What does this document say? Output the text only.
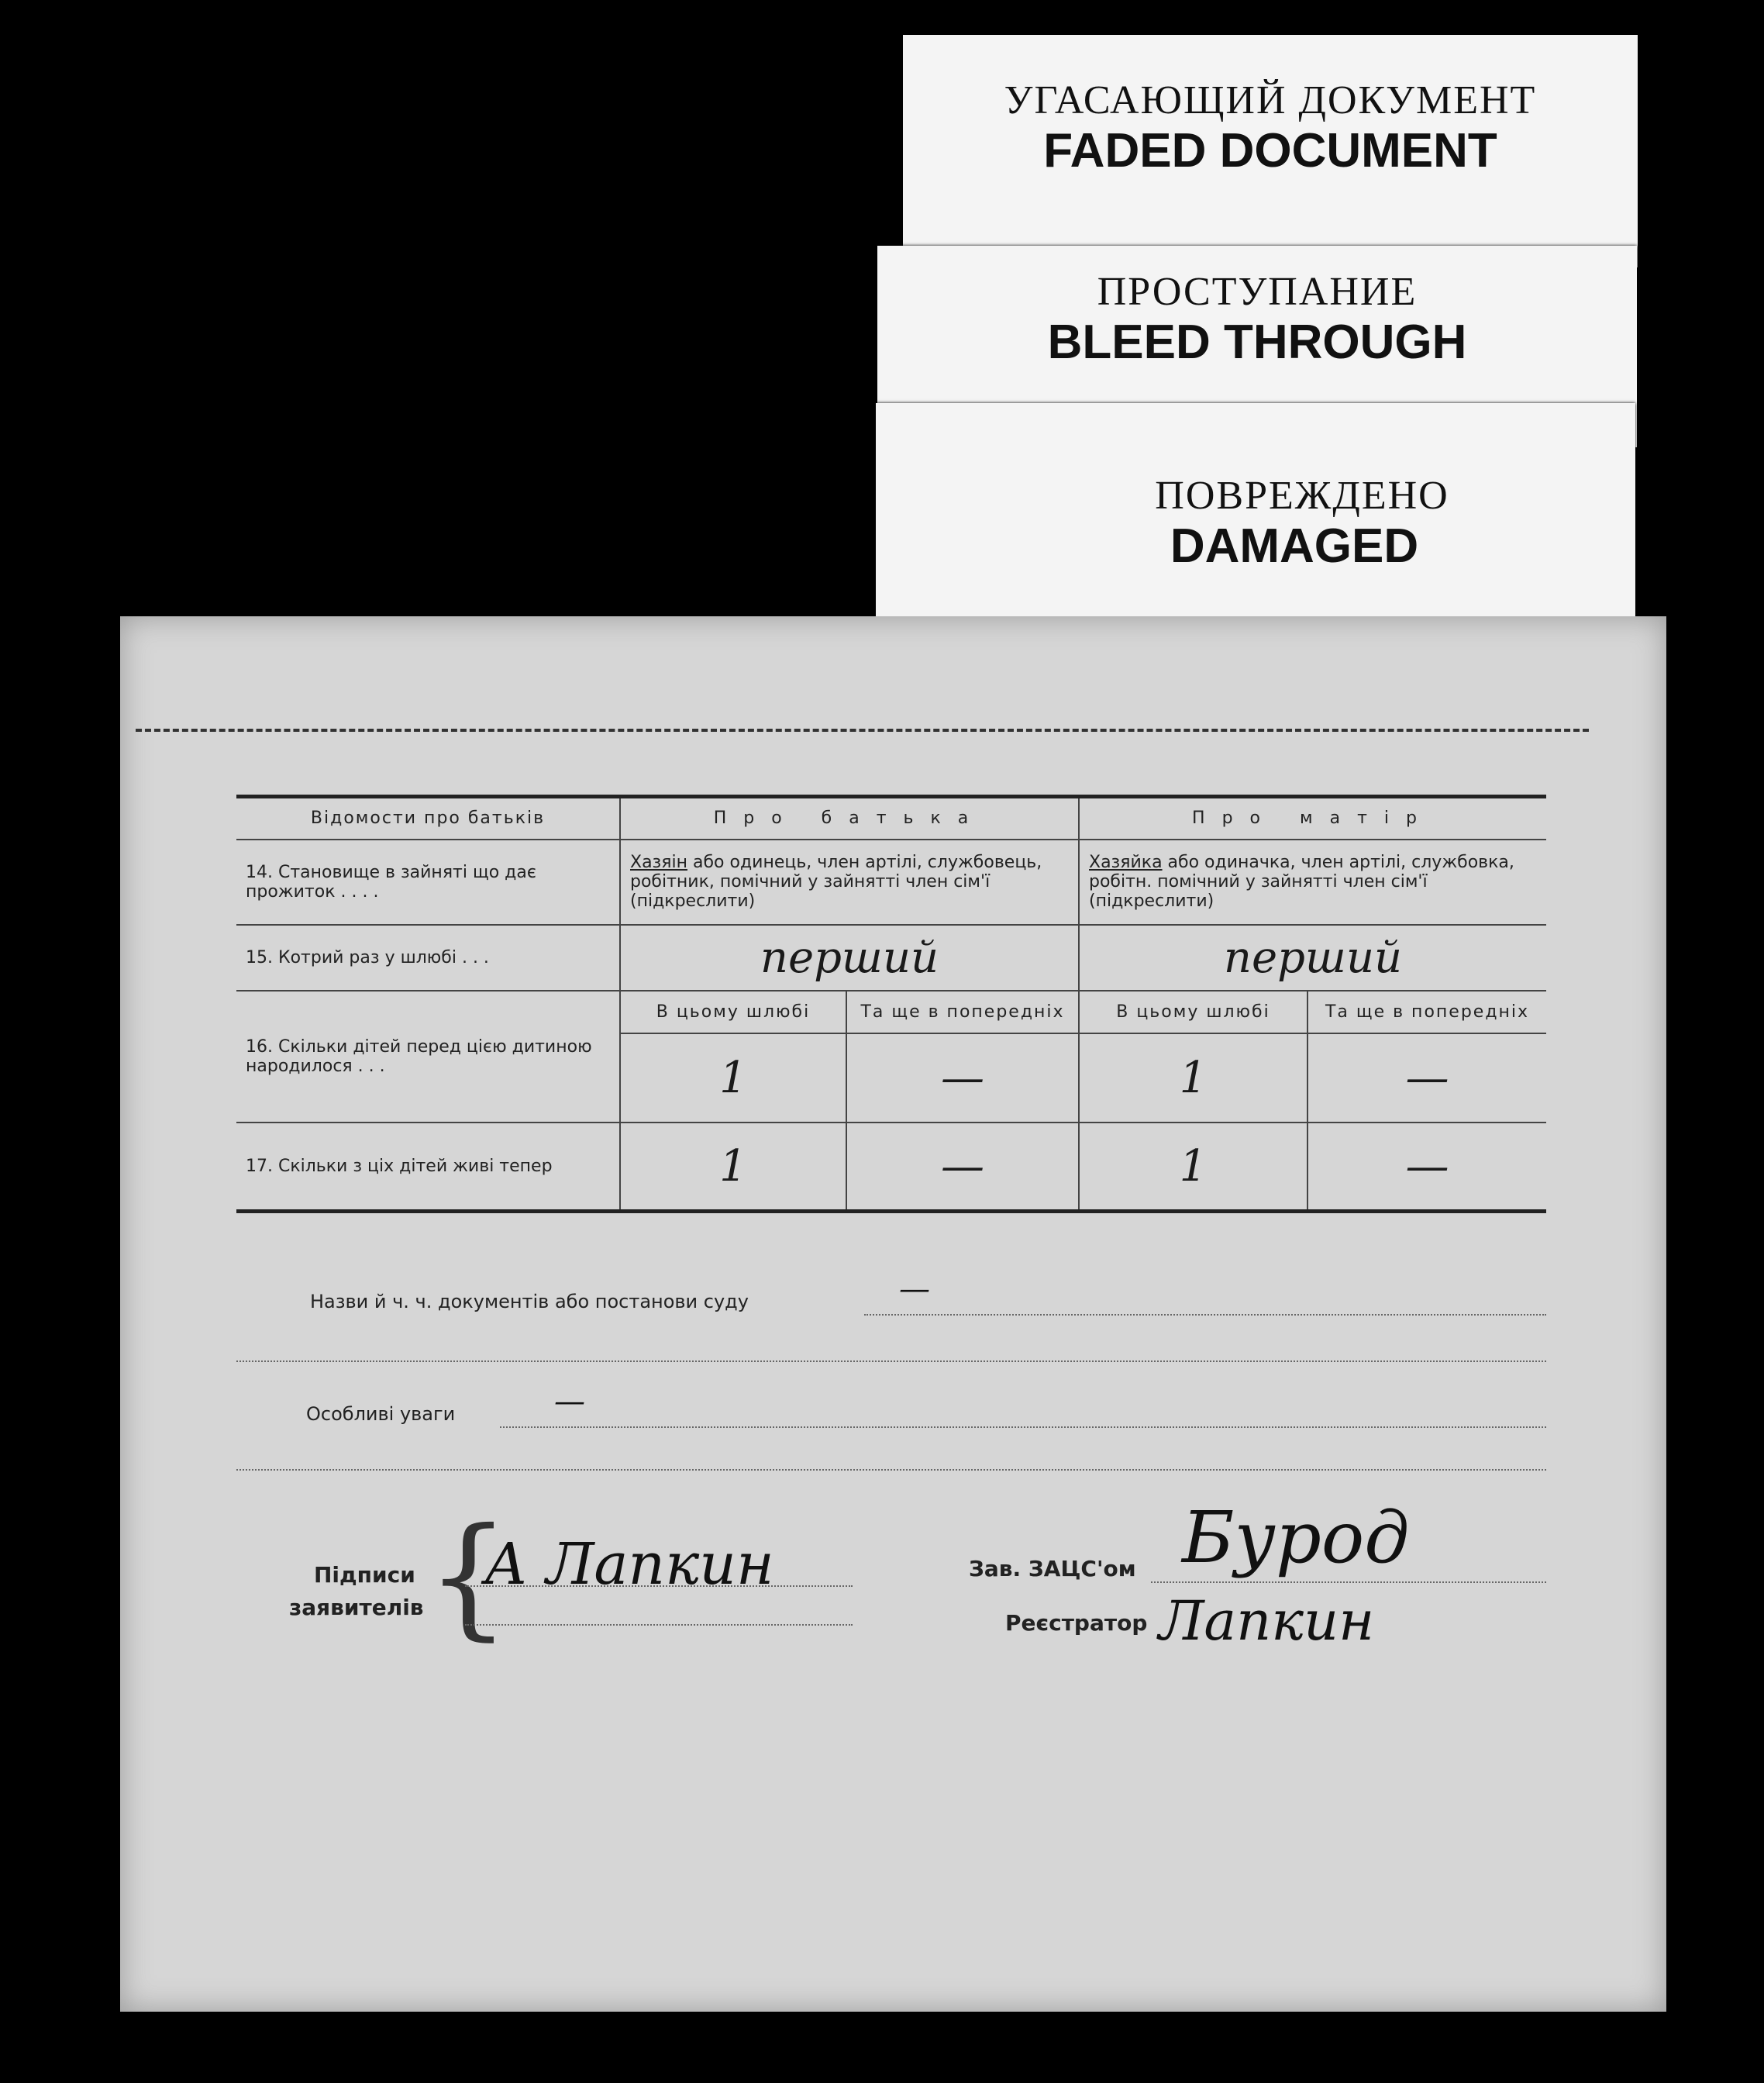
УГАСАЮЩИЙ ДОКУМЕНТ
FADED DOCUMENT
ПРОСТУПАНИЕ
BLEED THROUGH
ПОВРЕЖДЕНО
DAMAGED
Відомости про батьків	Про батька		Про матір	
14. Становище в зайняті що дає прожиток . . . .	Хазяін або одинець, член артілі, службовець, робітник, помічний у зайнятті член сім'ї (підкреслити)		Хазяйка або одиначка, член артілі, службовка, робітн. помічний у зайнятті член сім'ї (підкреслити)	
15. Котрий раз у шлюбі . . .	перший		перший	
16. Скільки дітей перед цією дитиною народилося . . .	В цьому шлюбі	Та ще в попередніх	В цьому шлюбі	Та ще в попередніх
	1	—	1	—
17. Скільки з ціх дітей живі тепер	1	—	1	—
Назви й ч. ч. документів або постанови суду	—
Особливі уваги	—
Підписи
заявителів {
А Лапкин	Зав. ЗАЦС'ом Бурод
Реєстратор Лапкин
